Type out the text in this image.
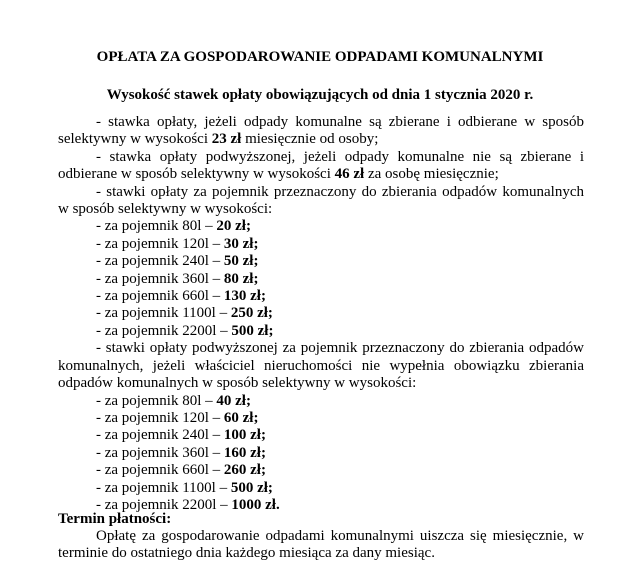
OPŁATA ZA GOSPODAROWANIE ODPADAMI KOMUNALNYMI
Wysokość stawek opłaty obowiązujących od dnia 1 stycznia 2020 r.

- stawka opłaty, jeżeli odpady komunalne są zbierane i odbierane w sposób selektywny w wysokości 23 zł miesięcznie od osoby;

- stawka opłaty podwyższonej, jeżeli odpady komunalne nie są zbierane i odbierane w sposób selektywny w wysokości 46 zł za osobę miesięcznie;

- stawki opłaty za pojemnik przeznaczony do zbierania odpadów komunalnych w sposób selektywny w wysokości:

- za pojemnik 80l – 20 zł;

- za pojemnik 120l – 30 zł;

- za pojemnik 240l – 50 zł;

- za pojemnik 360l – 80 zł;

- za pojemnik 660l – 130 zł;

- za pojemnik 1100l – 250 zł;

- za pojemnik 2200l – 500 zł;

- stawki opłaty podwyższonej za pojemnik przeznaczony do zbierania odpadów komunalnych, jeżeli właściciel nieruchomości nie wypełnia obowiązku zbierania odpadów komunalnych w sposób selektywny w wysokości:

- za pojemnik 80l – 40 zł;

- za pojemnik 120l – 60 zł;

- za pojemnik 240l – 100 zł;

- za pojemnik 360l – 160 zł;

- za pojemnik 660l – 260 zł;

- za pojemnik 1100l – 500 zł;

- za pojemnik 2200l – 1000 zł.

Termin płatności:
Opłatę za gospodarowanie odpadami komunalnymi uiszcza się miesięcznie, w terminie do ostatniego dnia każdego miesiąca za dany miesiąc.
